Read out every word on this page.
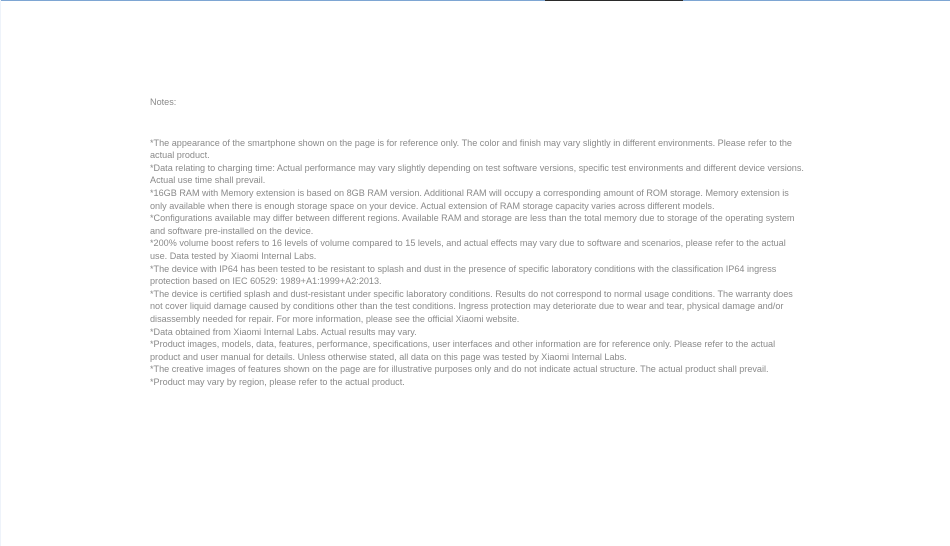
Notes:

*The appearance of the smartphone shown on the page is for reference only. The color and finish may vary slightly in different environments. Please refer to the actual product.

*Data relating to charging time: Actual performance may vary slightly depending on test software versions, specific test environments and different device versions. Actual use time shall prevail.

*16GB RAM with Memory extension is based on 8GB RAM version. Additional RAM will occupy a corresponding amount of ROM storage. Memory extension is only available when there is enough storage space on your device. Actual extension of RAM storage capacity varies across different models.

*Configurations available may differ between different regions. Available RAM and storage are less than the total memory due to storage of the operating system and software pre-installed on the device.

*200% volume boost refers to 16 levels of volume compared to 15 levels, and actual effects may vary due to software and scenarios, please refer to the actual use. Data tested by Xiaomi Internal Labs.

*The device with IP64 has been tested to be resistant to splash and dust in the presence of specific laboratory conditions with the classification IP64 ingress protection based on IEC 60529: 1989+A1:1999+A2:2013.

*The device is certified splash and dust-resistant under specific laboratory conditions. Results do not correspond to normal usage conditions. The warranty does not cover liquid damage caused by conditions other than the test conditions. Ingress protection may deteriorate due to wear and tear, physical damage and/or disassembly needed for repair. For more information, please see the official Xiaomi website.

*Data obtained from Xiaomi Internal Labs. Actual results may vary.

*Product images, models, data, features, performance, specifications, user interfaces and other information are for reference only. Please refer to the actual product and user manual for details. Unless otherwise stated, all data on this page was tested by Xiaomi Internal Labs.

*The creative images of features shown on the page are for illustrative purposes only and do not indicate actual structure. The actual product shall prevail.

*Product may vary by region, please refer to the actual product.
